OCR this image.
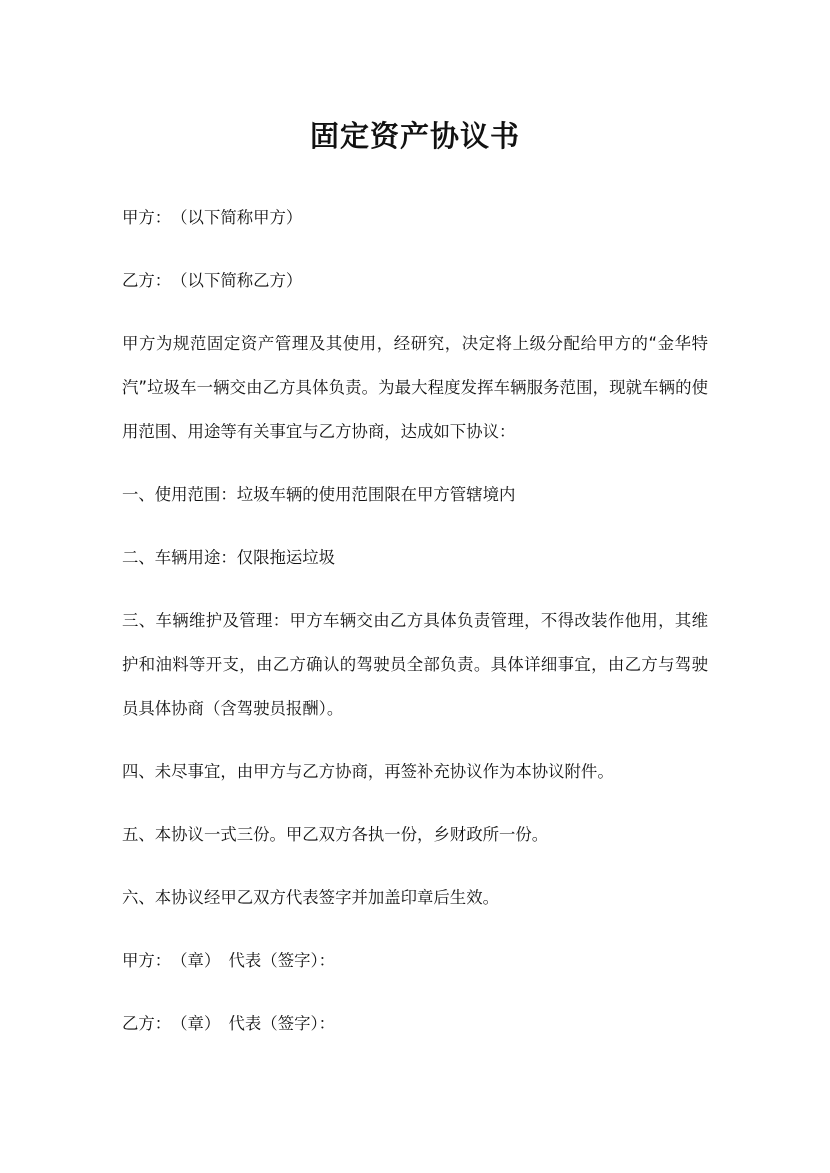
固定资产协议书

甲方：　（以下简称甲方）

乙方：　（以下简称乙方）

甲方为规范固定资产管理及其使用，经研究，决定将上级分配给甲方的“金华特汽”垃圾车一辆交由乙方具体负责。为最大程度发挥车辆服务范围，现就车辆的使用范围、用途等有关事宜与乙方协商，达成如下协议：

一、使用范围：垃圾车辆的使用范围限在甲方管辖境内

二、车辆用途：仅限拖运垃圾

三、车辆维护及管理：甲方车辆交由乙方具体负责管理，不得改装作他用，其维护和油料等开支，由乙方确认的驾驶员全部负责。具体详细事宜，由乙方与驾驶员具体协商（含驾驶员报酬）。

四、未尽事宜，由甲方与乙方协商，再签补充协议作为本协议附件。

五、本协议一式三份。甲乙双方各执一份，乡财政所一份。

六、本协议经甲乙双方代表签字并加盖印章后生效。

甲方：　（章）　代表（签字）：

乙方：　（章）　代表（签字）：
